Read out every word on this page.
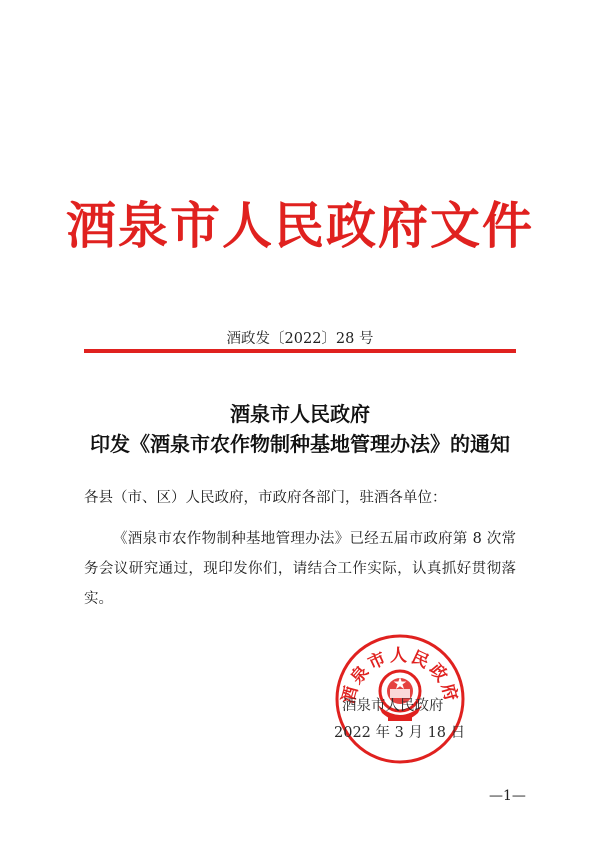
酒泉市人民政府文件
酒政发〔2022〕28 号
酒泉市人民政府
印发《酒泉市农作物制种基地管理办法》的通知
各县（市、区）人民政府，市政府各部门，驻酒各单位：
《酒泉市农作物制种基地管理办法》已经五届市政府第 8 次常务会议研究通过，现印发你们，请结合工作实际，认真抓好贯彻落实。
酒泉市人民政府
酒泉市人民政府
2022 年 3 月 18 日
—1—
